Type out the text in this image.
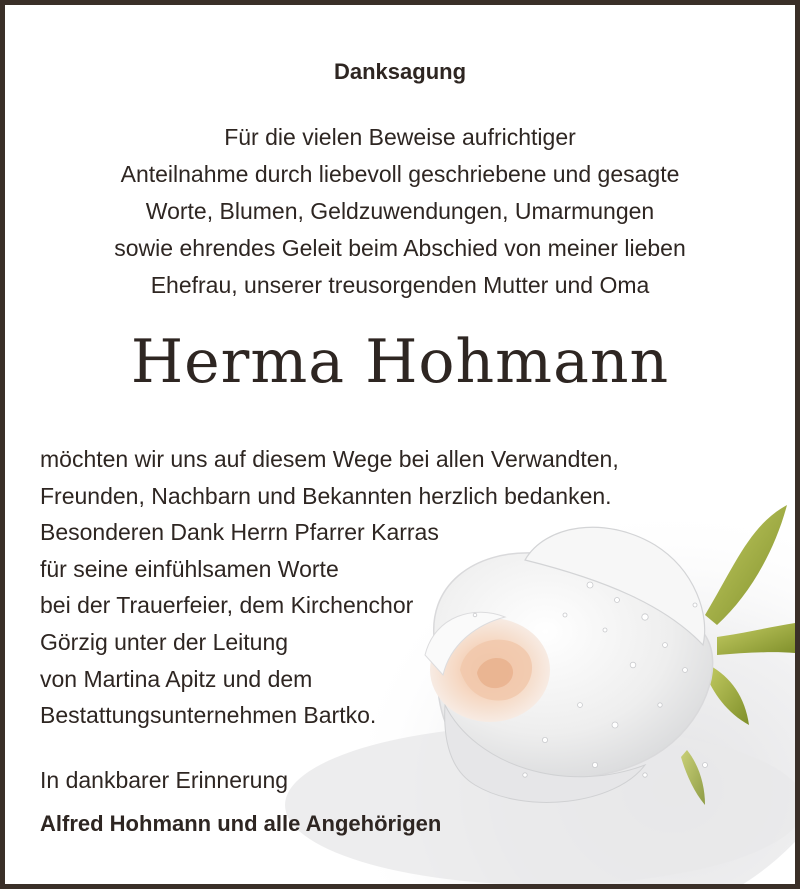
Danksagung
Für die vielen Beweise aufrichtiger
Anteilnahme durch liebevoll geschriebene und gesagte
Worte, Blumen, Geldzuwendungen, Umarmungen
sowie ehrendes Geleit beim Abschied von meiner lieben
Ehefrau, unserer treusorgenden Mutter und Oma
Herma Hohmann
möchten wir uns auf diesem Wege bei allen Verwandten,
Freunden, Nachbarn und Bekannten herzlich bedanken.
Besonderen Dank Herrn Pfarrer Karras
für seine einfühlsamen Worte
bei der Trauerfeier, dem Kirchenchor
Görzig unter der Leitung
von Martina Apitz und dem
Bestattungsunternehmen Bartko.
In dankbarer Erinnerung
Alfred Hohmann und alle Angehörigen
